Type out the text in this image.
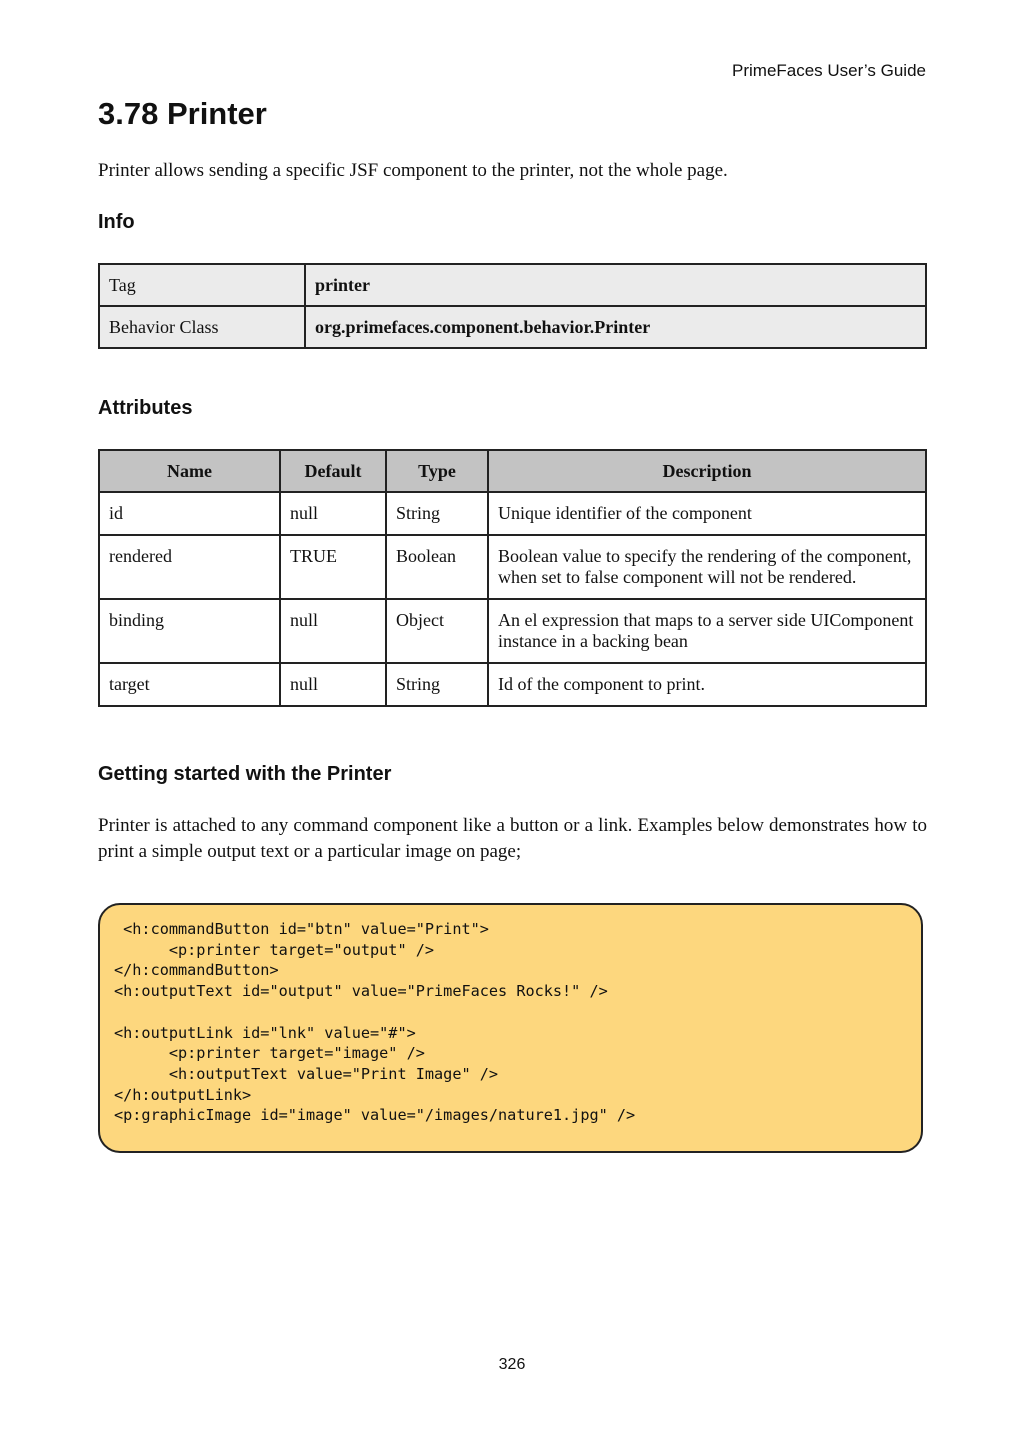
PrimeFaces User’s Guide
3.78 Printer

Printer allows sending a specific JSF component to the printer, not the whole page.

Info
Tag	printer
Behavior Class	org.primefaces.component.behavior.Printer
Attributes
Name	Default	Type	Description
id	null	String	Unique identifier of the component
rendered	TRUE	Boolean	Boolean value to specify the rendering of the component, when set to false component will not be rendered.
binding	null	Object	An el expression that maps to a server side UIComponent instance in a backing bean
target	null	String	Id of the component to print.
Getting started with the Printer

Printer is attached to any command component like a button or a link. Examples below demonstrates how to print a simple output text or a particular image on page;

<h:commandButton id="btn" value="Print">
<p:printer target="output" />
</h:commandButton>
<h:outputText id="output" value="PrimeFaces Rocks!" />

<h:outputLink id="lnk" value="#">
<p:printer target="image" />
<h:outputText value="Print Image" />
</h:outputLink>
<p:graphicImage id="image" value="/images/nature1.jpg" />
326
